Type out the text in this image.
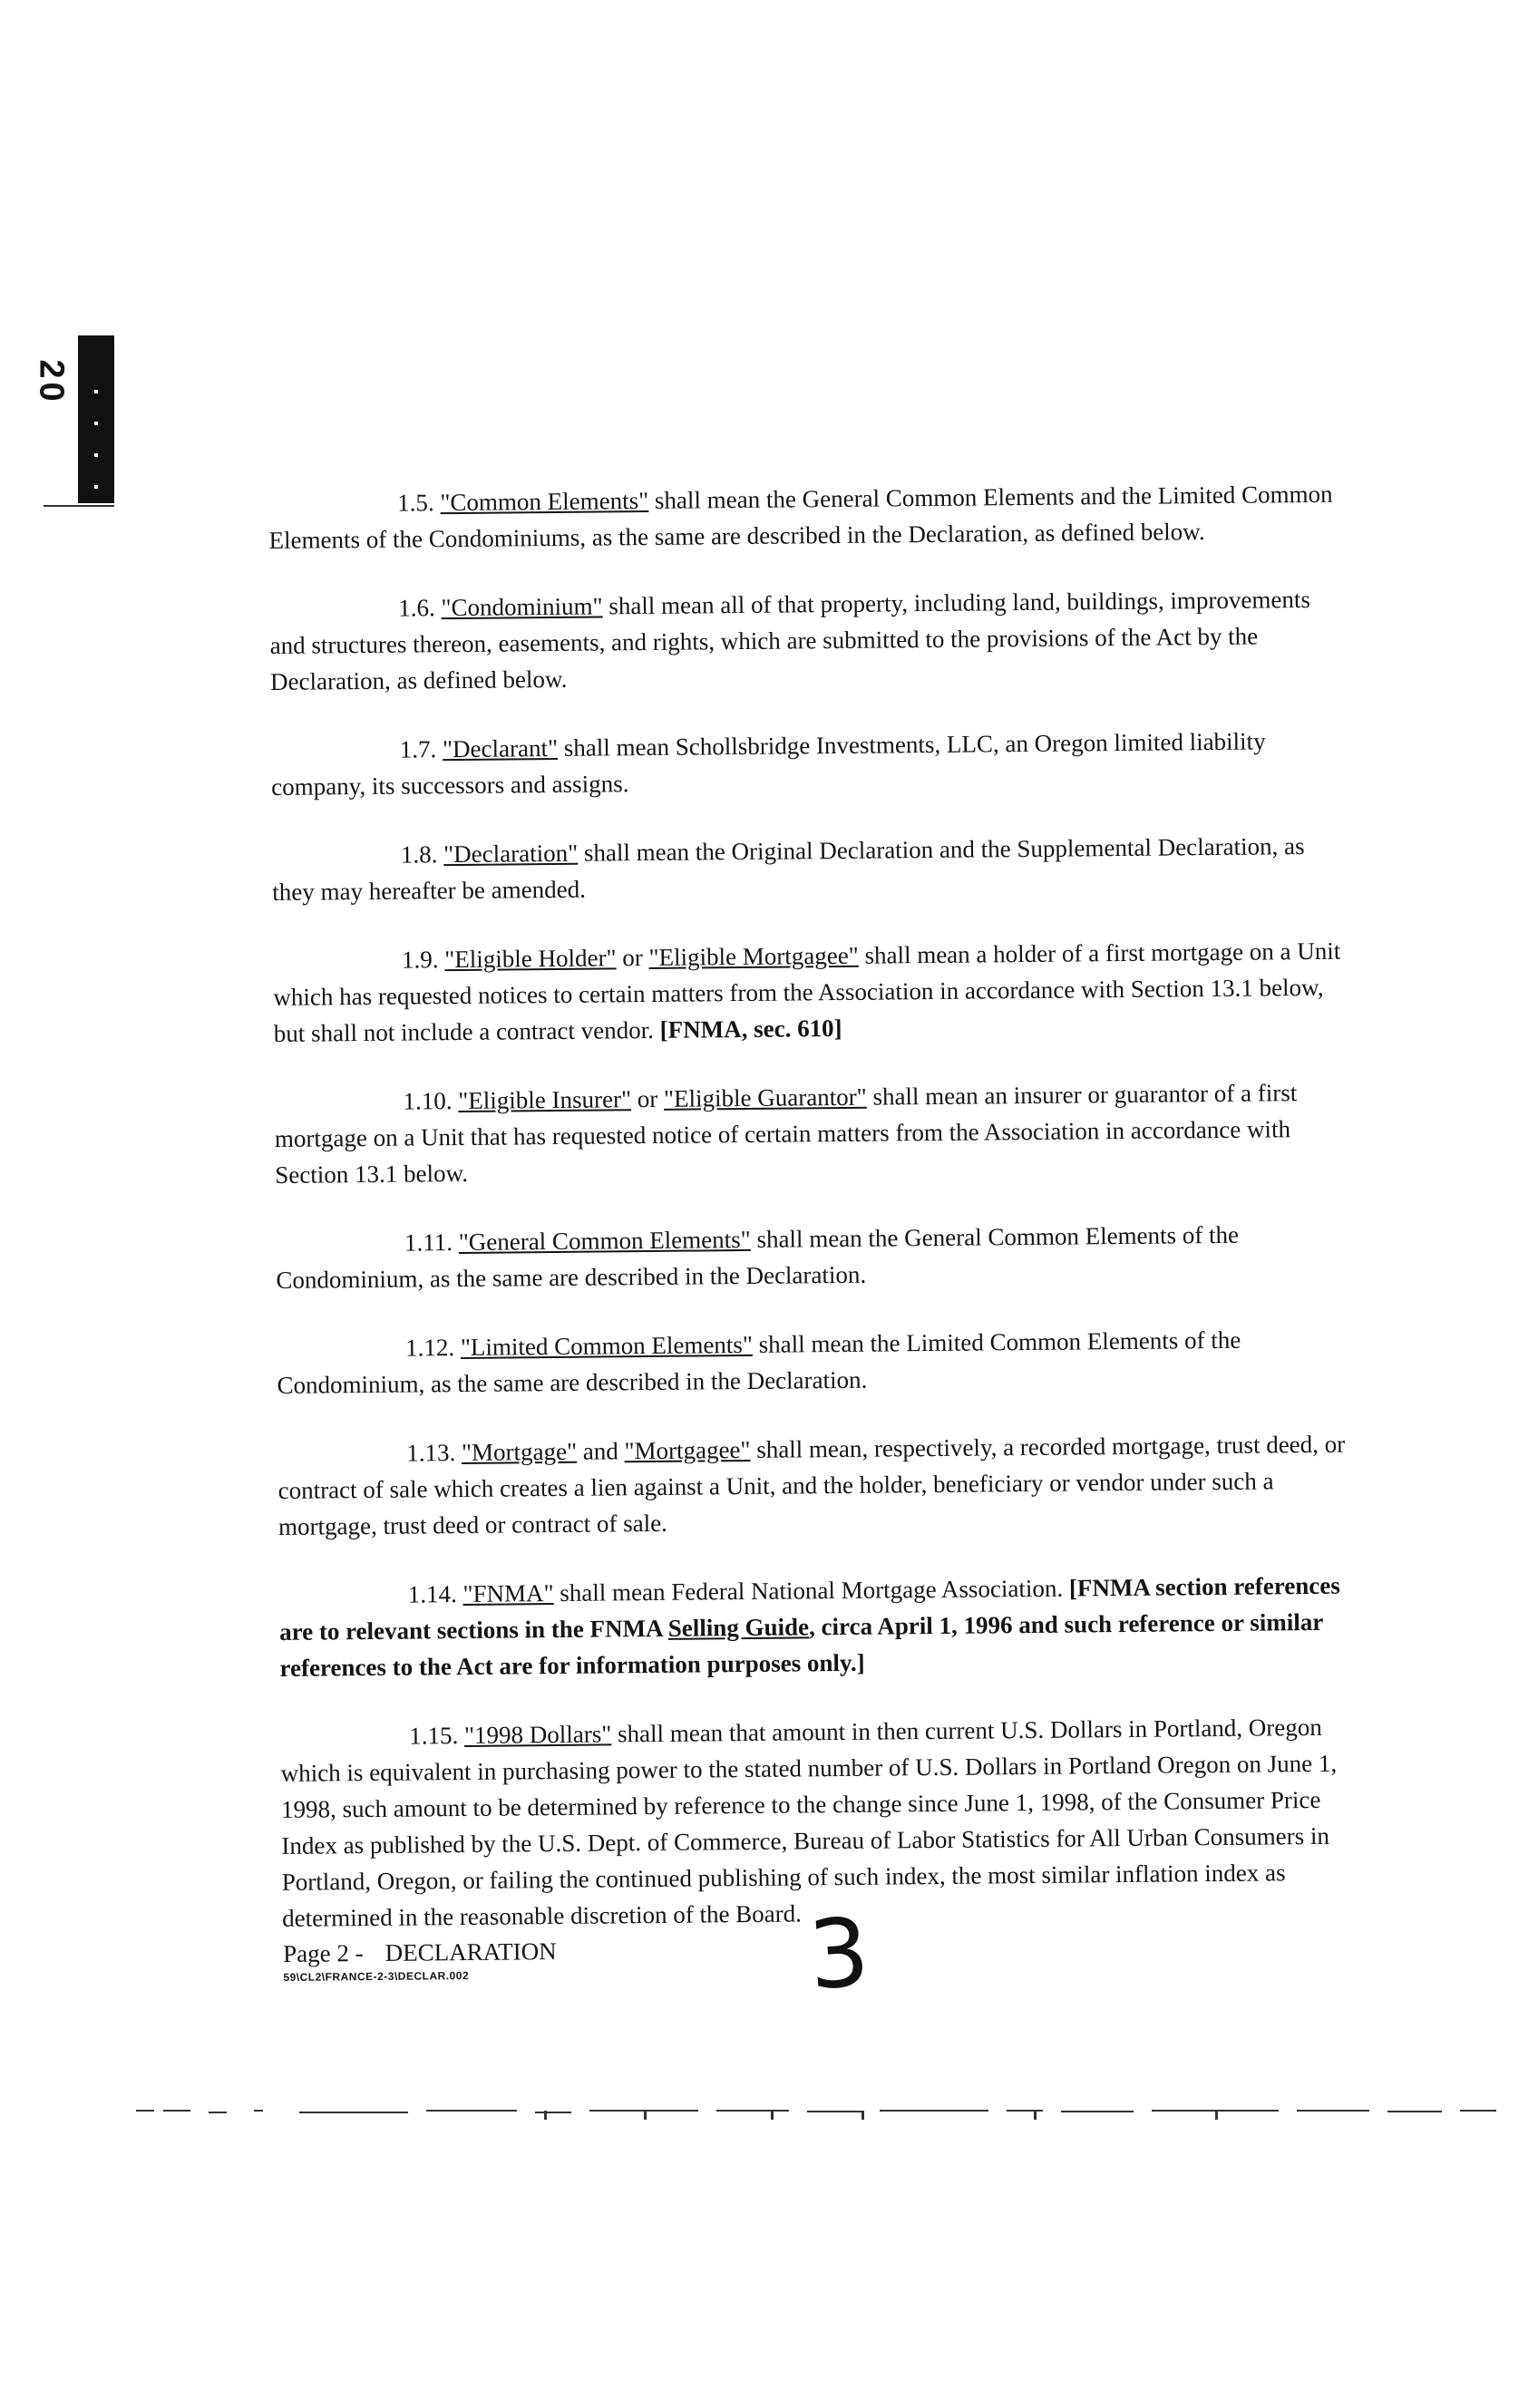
20

1.5. "Common Elements" shall mean the General Common Elements and the Limited Common Elements of the Condominiums, as the same are described in the Declaration, as defined below.

1.6. "Condominium" shall mean all of that property, including land, buildings, improvements and structures thereon, easements, and rights, which are submitted to the provisions of the Act by the Declaration, as defined below.

1.7. "Declarant" shall mean Schollsbridge Investments, LLC, an Oregon limited liability company, its successors and assigns.

1.8. "Declaration" shall mean the Original Declaration and the Supplemental Declaration, as they may hereafter be amended.

1.9. "Eligible Holder" or "Eligible Mortgagee" shall mean a holder of a first mortgage on a Unit which has requested notices to certain matters from the Association in accordance with Section 13.1 below, but shall not include a contract vendor. [FNMA, sec. 610]

1.10. "Eligible Insurer" or "Eligible Guarantor" shall mean an insurer or guarantor of a first mortgage on a Unit that has requested notice of certain matters from the Association in accordance with Section 13.1 below.

1.11. "General Common Elements" shall mean the General Common Elements of the Condominium, as the same are described in the Declaration.

1.12. "Limited Common Elements" shall mean the Limited Common Elements of the Condominium, as the same are described in the Declaration.

1.13. "Mortgage" and "Mortgagee" shall mean, respectively, a recorded mortgage, trust deed, or contract of sale which creates a lien against a Unit, and the holder, beneficiary or vendor under such a mortgage, trust deed or contract of sale.

1.14. "FNMA" shall mean Federal National Mortgage Association. [FNMA section references are to relevant sections in the FNMA Selling Guide, circa April 1, 1996 and such reference or similar references to the Act are for information purposes only.]

1.15. "1998 Dollars" shall mean that amount in then current U.S. Dollars in Portland, Oregon which is equivalent in purchasing power to the stated number of U.S. Dollars in Portland Oregon on June 1, 1998, such amount to be determined by reference to the change since June 1, 1998, of the Consumer Price Index as published by the U.S. Dept. of Commerce, Bureau of Labor Statistics for All Urban Consumers in Portland, Oregon, or failing the continued publishing of such index, the most similar inflation index as determined in the reasonable discretion of the Board.

Page 2 - DECLARATION
59\CL2\FRANCE-2-3\DECLAR.002	3
